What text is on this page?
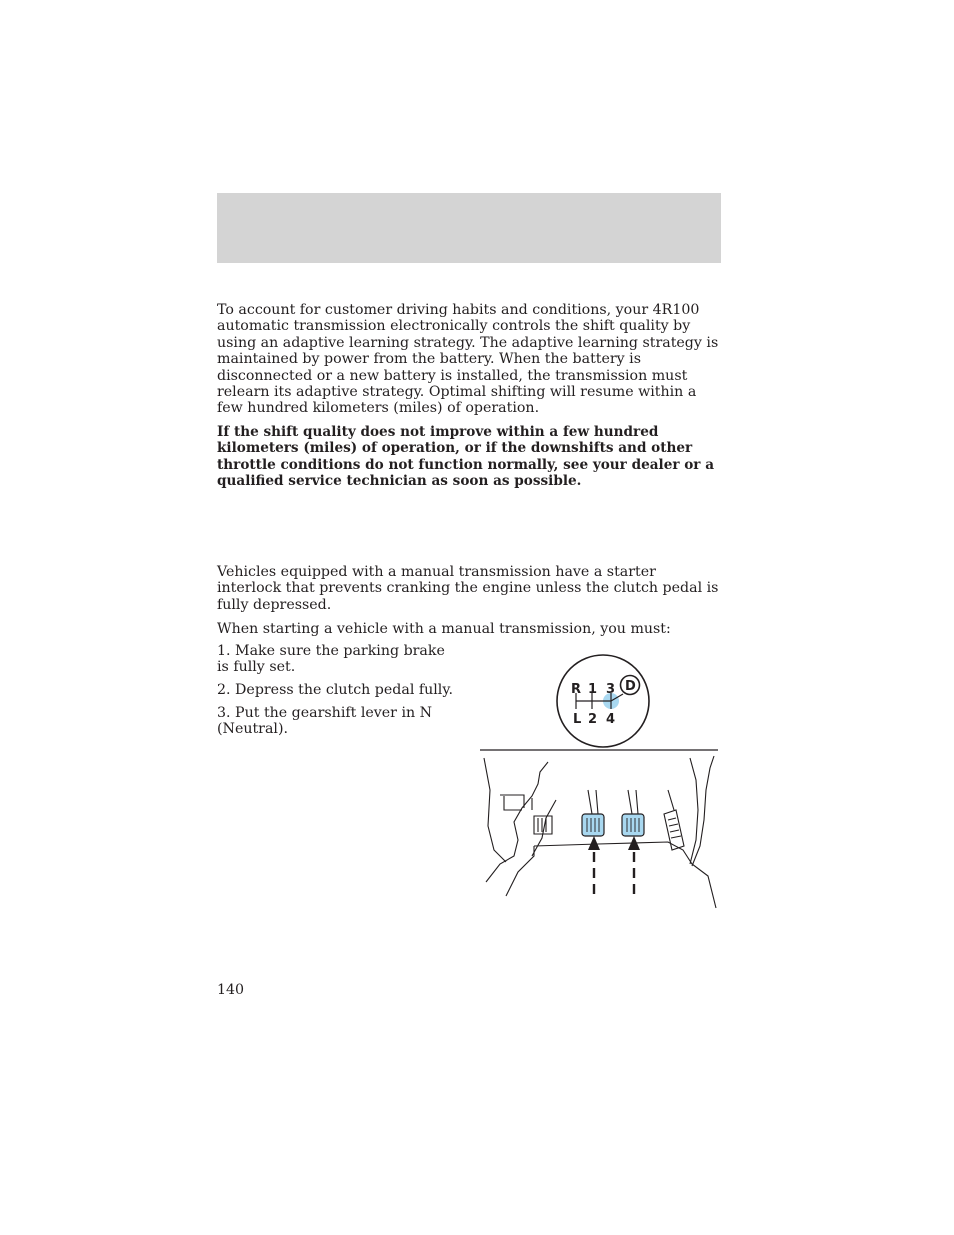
To account for customer driving habits and conditions, your 4R100 automatic transmission electronically controls the shift quality by using an adaptive learning strategy. The adaptive learning strategy is maintained by power from the battery. When the battery is disconnected or a new battery is installed, the transmission must relearn its adaptive strategy. Optimal shifting will resume within a few hundred kilometers (miles) of operation.
If the shift quality does not improve within a few hundred kilometers (miles) of operation, or if the downshifts and other throttle conditions do not function normally, see your dealer or a qualified service technician as soon as possible.
Vehicles equipped with a manual transmission have a starter interlock that prevents cranking the engine unless the clutch pedal is fully depressed.
When starting a vehicle with a manual transmission, you must:
1. Make sure the parking brake is fully set.
2. Depress the clutch pedal fully.
3. Put the gearshift lever in N (Neutral).
R 1 3
L 2 4
D
140
